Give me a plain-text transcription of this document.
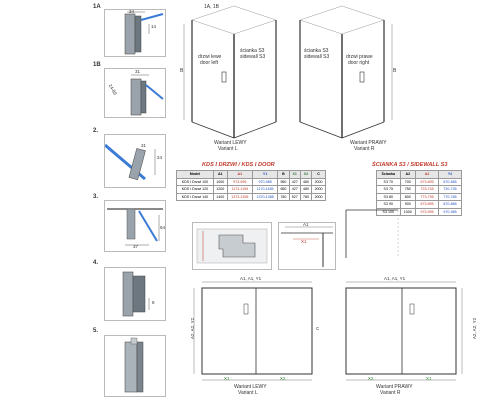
1A
34
14
1B
31
24-89
2.
24
31
3.
37
64
4.
8
5.
1A, 1B
drzwi lewe
door left
ścianka S3
sidewall S3
ścianka S3
sidewall S3	drzwi prawe
door right
B	B
Wariant LEWY
Variant L
Wariant PRAWY
Variant R
KDS I DRZWI / KDS I DOOR
Model	A1	A1	Y1	B	X1	X2	C
KDS I Drzwi 100	1000	973-995	970-985	550	427	480	2000
KDS I Drzwi 120	1200	1173-1195	1170-1185	650	427	480	2000
KDS I Drzwi 140	1400	1373-1395	1370-1385	780	527	780	2000
ŚCIANKA S3 / SIDEWALL S3
Ścianka	A2	A2	Y2
S3 70	700	673-695	670-685
S3 75	750	723-745	720-735
S3 80	800	773-795	770-785
S3 90	900	873-895	870-885
S3 100	1000	973-995	970-985
A1
X1
A1, A1, Y1	A1, A1, Y1
A2, A2, Y2	A2, A2, Y2
C
X1	X2	X2	X1
Wariant LEWY
Variant L
Wariant PRAWY
Variant R
